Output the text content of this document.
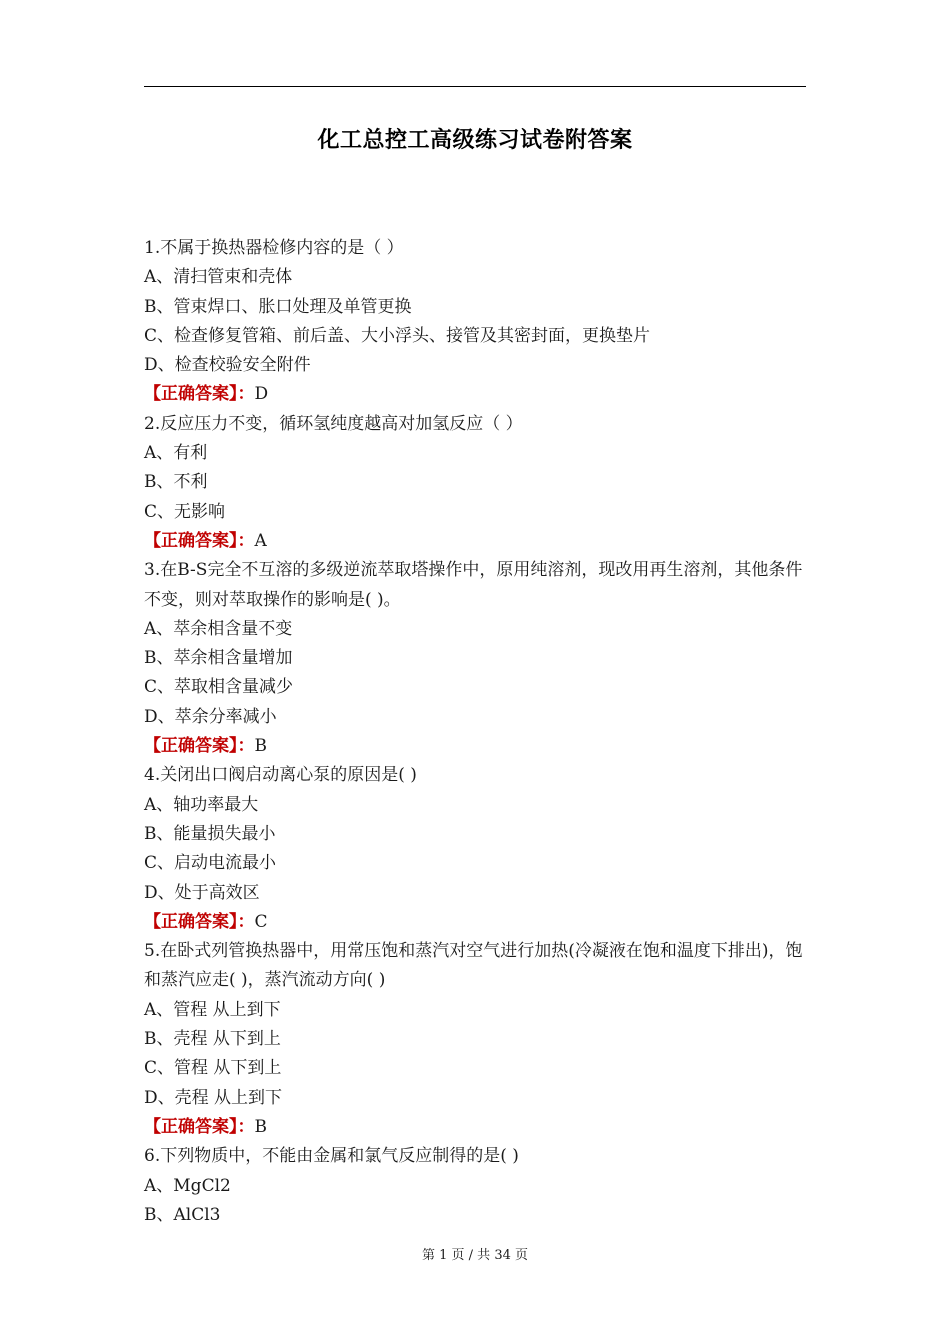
化工总控工高级练习试卷附答案
1.不属于换热器检修内容的是（ ）
A、清扫管束和壳体
B、管束焊口、胀口处理及单管更换
C、检查修复管箱、前后盖、大小浮头、接管及其密封面，更换垫片
D、检查校验安全附件
【正确答案】：D
2.反应压力不变，循环氢纯度越高对加氢反应（ ）
A、有利
B、不利
C、无影响
【正确答案】：A
3.在B-S完全不互溶的多级逆流萃取塔操作中，原用纯溶剂，现改用再生溶剂，其他条件不变，则对萃取操作的影响是( )。
A、萃余相含量不变
B、萃余相含量增加
C、萃取相含量减少
D、萃余分率减小
【正确答案】：B
4.关闭出口阀启动离心泵的原因是( )
A、轴功率最大
B、能量损失最小
C、启动电流最小
D、处于高效区
【正确答案】：C
5.在卧式列管换热器中，用常压饱和蒸汽对空气进行加热(冷凝液在饱和温度下排出)，饱和蒸汽应走( )，蒸汽流动方向( )
A、管程 从上到下
B、壳程 从下到上
C、管程 从下到上
D、壳程 从上到下
【正确答案】：B
6.下列物质中，不能由金属和氯气反应制得的是( )
A、MgCl2
B、AlCl3
第 1 页 / 共 34 页
